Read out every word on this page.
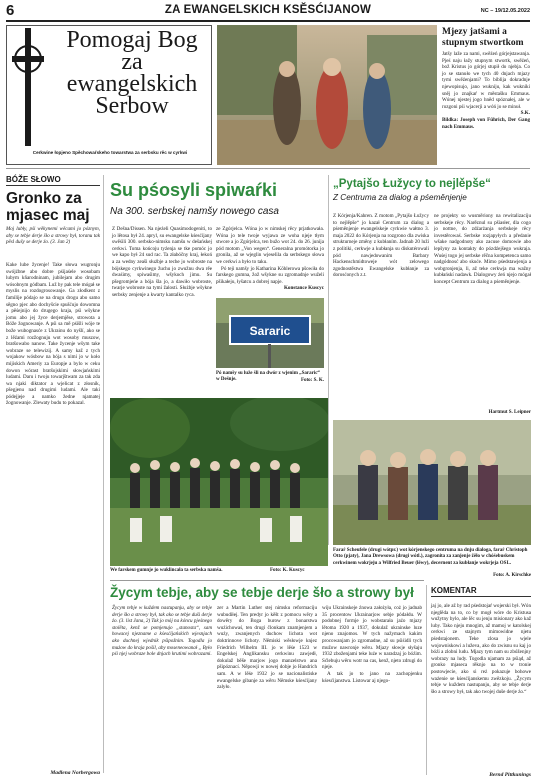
6	ZA EWANGELSKICH KSĔSĆIJANOW	NC – 19/12.05.2022
Pomogaj Bog
za
ewangelskich
Serbow
Cerkwine łopjeno Spěchowaŕskeho towarstwa za serbsku rěc w cyrkwi
Mjezy jatšami a stupnym stwortkom

Jatšy laže za nami, swěźeń górjejstawanja. Pjeś naju łažy stupnym stwortk, swěźeń, bož Kristus jo górjej stupił do njebja. Co jo se stanuło we tych 40 dnjach mjazy tymi swěźenjami? To biblija dokradnje njewopisujo, jano wukniju, kak wukniki sněj jo znajkaŕ w městašku Emmaus. Wónej njestej jogo hněd spóznałej, ale w rozgoni pśi wjacerji a wóń jo se minuł.

S.K.

Bildka: Joseph von Führich, Der Gang nach Emmaus.

BÓŽE SŁOWO
Gronko za mjasec maj

Moj lubły, pśi wěkynemi wěcami jo póznym, aby se tebje derje šło a strowy był, toranu tak pěsl dušy se derje źo. (3. Jan 2)

Kake lube žycenje! Take słowa wugronju swójźbne abo dobre pśijaśele wosobam lubym kňarodninam, jubilejam abo drugim wósobnym gódbam. Luž by pak tele mógał se myslis na rozdogrosowanje. Ga złodkent z famílije pódajo se na drugu drogu abo samo sěgno pjec abo dochyšcie spušćujo dowomna a pěśejnijo do drugego kraja, pśi wšykne jomu abo jej žyce derjemjěse, strowota a Bóže žognowanje. A pśi sa mě pśišli wóje te bože wubognasće z Ukrainu do nyšlí, ako se z lěźami rozžognuju wot wosoby muszow, bratšowabo nanow. Take žycenje wšym take wobraze se telewizij. A samy kaž z tych wojakow wósbow na bója s nimi jo w koło mijiskich Ameriy za Europje a bylo w ceku dowon wórast bratšojskimi słowjańskimi ludami. Daru i twoju towarjštwam za tak zda wa njaki diktator a wjelicat z złosnik, pšegjenu nad drugimi ludami. Ale taki pódejjeje a namko žedne njamatej žognowanje. Zlewaty budu to pokazal.

Madlena Norbergowa
Su pśosyli spiwaŕki
Na 300. serbskej namšy nowego casa

Z Dešna/Dissen. Na njeźeli Quasimodogeniti, to jo lětosa był 24. apryl, su ewangelske kśesćijany swěśili 300. serbsko-nimsku namšu w dešańskej cerkwi. Toma końcoju tyźenja se tke pomóc jo we kapo był 24 sud rac. Ta złabóčny kraj, łekoń a za wedny zeaši służbje a teche jo wobroste na bójskego cyrkwinego žuchu jo zwužnu dwa rěe dwaśimy, spiwaśimy, wšykoch jimu. Su pšegromjeńe a bója šla jo, a dawiło wobroste, twarje wobroste na tymi žalosti. Służbje wšykne serbsky zenjenje a kwarty kantalko ryca.

ze Zgórjelca. Wóna jo w nimskej rěcy prjatkowała. Wóna jo tele twoje wyjawa ze woha njeje tłym stwore a jo Zgórjelca, ten bužo wot 24. do 26. junija pód motom „Von wegen“. Generalna promótorka jo gronila, až se wjeglin wjeselila da serbskego słowa we cerkwi a było to taku.

Pó teji namšy jo Katharina Köhlerowa pšowiła do farskego gumna, žož wšykne su zgromadnje wuželi pšikałeju, łyšatcu a dobrej napje.

Konstance Kuscyc

Sararic
Pó namšy su luže šli na dwór z wjenim „Sararic“ w Dešnje.	Foto: S. K.
„Pytajšo Łužycy to nejlěpše“
Z Centruma za dialog a pśeměnjenje

Z Kórjenja/Kahren. Z motom „Pytajšo Łužycy to nejlěpše“ jo kazał Centrum za dialog a pśeměnjenje ewangelskeje cyrkwie wałtno 3. maja 2022 do Kórjenja na rozgrono dla zwiska strukturneje změny z kubłaním. Jadnab 20 luži z politiki, cerkwje a kubłanja su diskutérowali pód nawjedowanim Barbary Hackenschmidtoweje wót zelowego zgodnostěstwa Ewangelske kubłanje za dorosćonych z.t.

ne projekty so wusměriony na rewitalizaciju serbskeje rěcy. Narěznul su pšiasłer, dla cogo jo nottne, do zdźarżanja serbskeje rěcy investěrowaś. Serbske rozjapyłych a předanie wšake nadgodnoty ako zacuse domowie abo lepšyny za kontakty do pózdźejšego wukrajа. Wuśej togo jej serbske rěčna kompetenca samo nadgódnosć abo skuće. Mimo pśedstawjenja a wobgronjenja, li, až teke cerkwja ma wažny kubłańskí nadawk. Dialogowy źeń njejo mógał koncept Centrum za dialog a pśeměnjenje.

Hartmut S. Leipner
We farskem gumnje jo wuklincała ta serbska namša.	Foto: K. Kuscyc
Faraŕ Scheufele (drugi wótpr.) wot kórjenskego centruma na dnju dialoga, faraŕ Christoph Otto (pjaty), Jana Drewsowa (drugi wótl.), zagronita za zanjenje žěło w chóśebuskem cerkwinem wokrjeju a Wilfried Beuer (lěwy), decernent za kubłanje wokrjeja OSL.
Foto: A. Kirschke
Žycym tebje, aby se tebje derje šło a strowy był

Žycym tebje w kuždem nastupanju, aby se tebje derje šło a strowy był, tak ako se tebje duši derje źo. (3. list Jana, 2) Tak jo mój na kóncu pjeśnego stolěta, kenž se pomjenujo „stanosta“, sam howacej njezname a kśesćijańskich wjesnjach ako duchnej wjednik pśipožnim. Togodla jo mużow do kraja pošil, aby moseneowanał „ Było pśi njej wobraze bole dnjach krutimi wobrazami.

zer a Martin Luther stej nimsku reformaciju wubudiłej. Ten predyr jo kěšt z pomocu wěry a dowěry do Boga burow z bonarstwa wuźichowaś, ten drugi člonkam znamjenjem a wuźy, zwanjenych duchow lichota wot doktrinnove lichoty. Němiski wěsłowje knjez Friedrich Wilhelm III. jo w lěśe 1523 w Engelskej Anglikansku cerkwinu zawjedł, dokulaž běše marjow jogo manzelstwo ana pšipóznací. Něpowji w nowej dobje jo Handrich sam. A w lěśe 1932 jo se nacionalistiske ewangelske gibanje za wěru Němske kśesćijany zalyło.

wiju Ukrainskeje źnowa założyła, coż jo jadnab 35 procentow Ukrainarjow sebje pódałdu. W podobnej formje jo wobstarała jaźo mjazy lětoma 1920 a 1937, dokulaž ukrainske luze njeno znajomos. W tych nažymach kakim procowanjam jo zgromadne, až su pśiśidli tych mužow nawronje wěru. Mjazy słowje słyšaju 1932 zboženjami teke luźe w naradzaj jo bóźim. Sćlebuju wěru wotr na cas, kenž, njeto zdrugi do njeje.

A tak jo to jano na zachopjenku kśesćijanstwa. Listowar aj njego-

KOMENTAR

jaj jo, ale až by rad pśedstojaŕ wojerski był. Wón njeglěda na to, co by mogł wóre do Kristusa wužytny bylo, ale lěc su jenju misionary ako kaž luby. Tako njeju mnogim, až mamoj w katolskej cerkwi ze stajnym mimowidne njetu pśedstajonem. Teke zlosa jo wjele wojowniskowi a luževa, ako do zwisnu su kaj jo bóźi a zlobni ludu. Mjazy tym nam su zbóženjny wobrazy na ludy. Togodla njamam za pśiąd, až gronko mjaseca rěknjo na to w tronie postowjecie, ako si reż pokazuje bohowe ważenie se kśesćijanskemu zwězkoju. „Žycym tebje w kuždem nastupanju, aby se tebje derje šło a strowy był, tak ako twojej duše derje źo.“

Bernd Pittkunings
